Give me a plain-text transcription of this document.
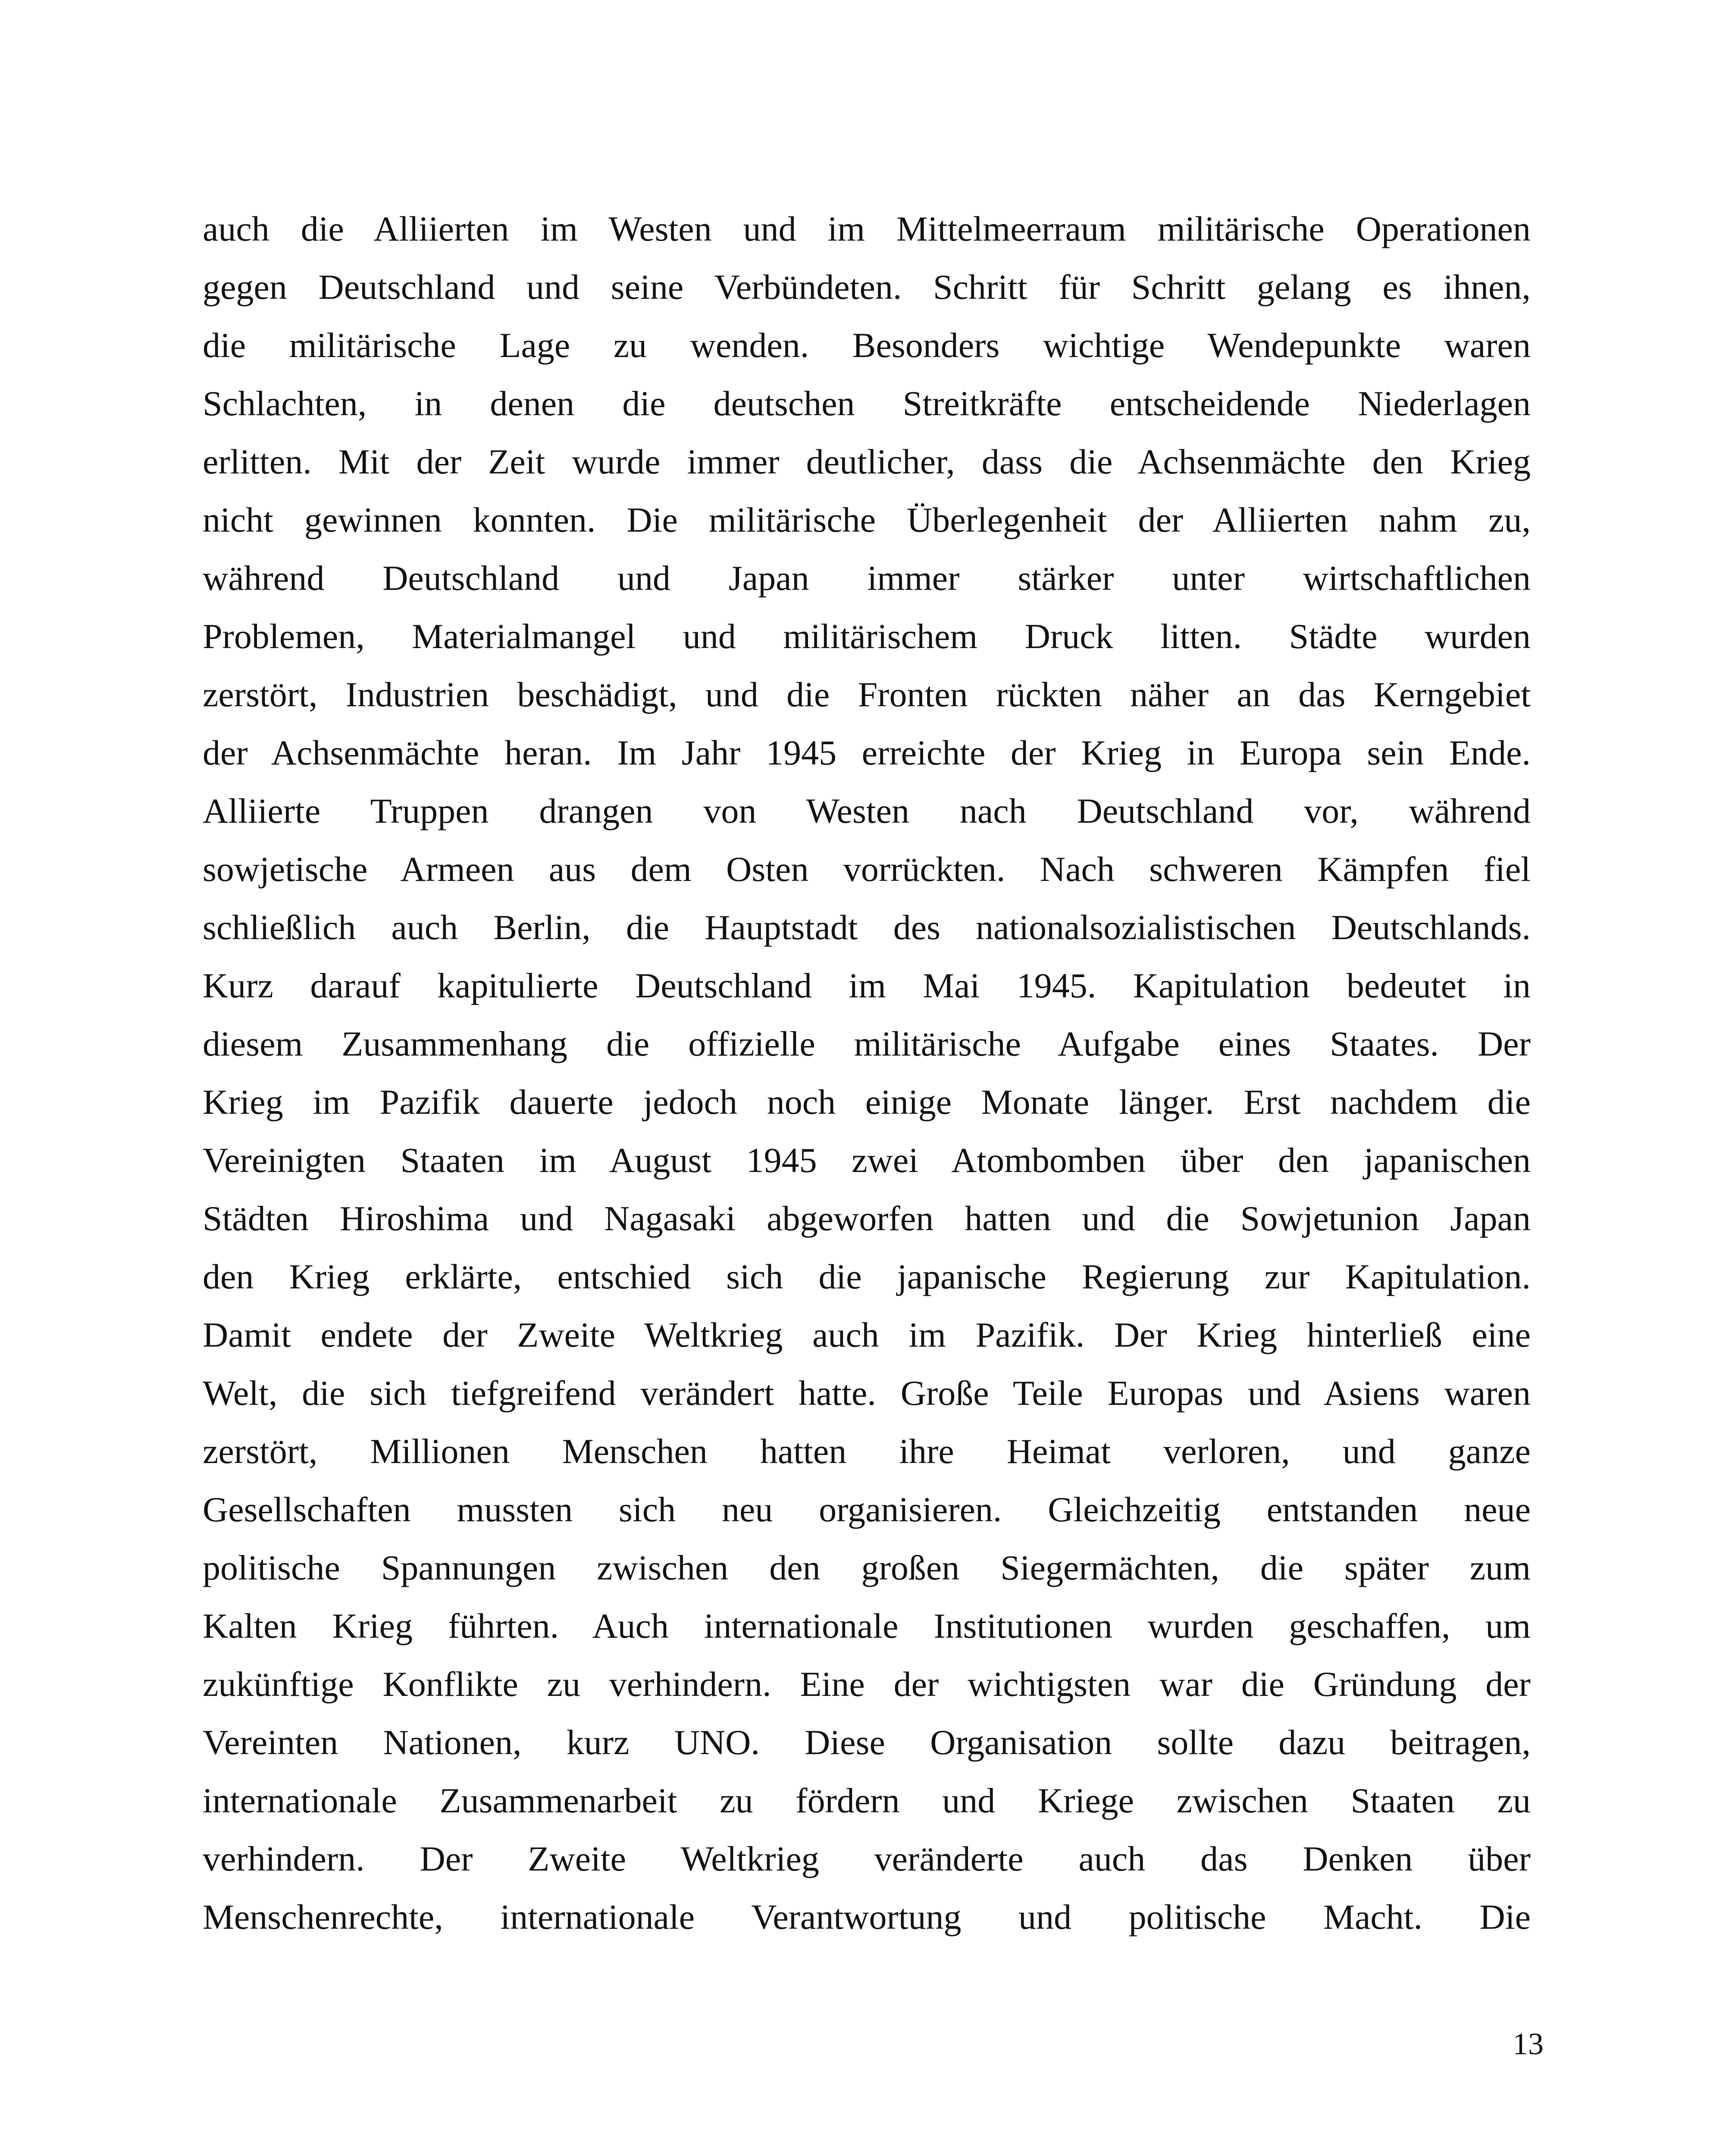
auch die Alliierten im Westen und im Mittelmeerraum militärische Operationen
gegen Deutschland und seine Verbündeten. Schritt für Schritt gelang es ihnen,
die militärische Lage zu wenden. Besonders wichtige Wendepunkte waren
Schlachten, in denen die deutschen Streitkräfte entscheidende Niederlagen
erlitten. Mit der Zeit wurde immer deutlicher, dass die Achsenmächte den Krieg
nicht gewinnen konnten. Die militärische Überlegenheit der Alliierten nahm zu,
während Deutschland und Japan immer stärker unter wirtschaftlichen
Problemen, Materialmangel und militärischem Druck litten. Städte wurden
zerstört, Industrien beschädigt, und die Fronten rückten näher an das Kerngebiet
der Achsenmächte heran. Im Jahr 1945 erreichte der Krieg in Europa sein Ende.
Alliierte Truppen drangen von Westen nach Deutschland vor, während
sowjetische Armeen aus dem Osten vorrückten. Nach schweren Kämpfen fiel
schließlich auch Berlin, die Hauptstadt des nationalsozialistischen Deutschlands.
Kurz darauf kapitulierte Deutschland im Mai 1945. Kapitulation bedeutet in
diesem Zusammenhang die offizielle militärische Aufgabe eines Staates. Der
Krieg im Pazifik dauerte jedoch noch einige Monate länger. Erst nachdem die
Vereinigten Staaten im August 1945 zwei Atombomben über den japanischen
Städten Hiroshima und Nagasaki abgeworfen hatten und die Sowjetunion Japan
den Krieg erklärte, entschied sich die japanische Regierung zur Kapitulation.
Damit endete der Zweite Weltkrieg auch im Pazifik. Der Krieg hinterließ eine
Welt, die sich tiefgreifend verändert hatte. Große Teile Europas und Asiens waren
zerstört, Millionen Menschen hatten ihre Heimat verloren, und ganze
Gesellschaften mussten sich neu organisieren. Gleichzeitig entstanden neue
politische Spannungen zwischen den großen Siegermächten, die später zum
Kalten Krieg führten. Auch internationale Institutionen wurden geschaffen, um
zukünftige Konflikte zu verhindern. Eine der wichtigsten war die Gründung der
Vereinten Nationen, kurz UNO. Diese Organisation sollte dazu beitragen,
internationale Zusammenarbeit zu fördern und Kriege zwischen Staaten zu
verhindern. Der Zweite Weltkrieg veränderte auch das Denken über
Menschenrechte, internationale Verantwortung und politische Macht. Die
13
